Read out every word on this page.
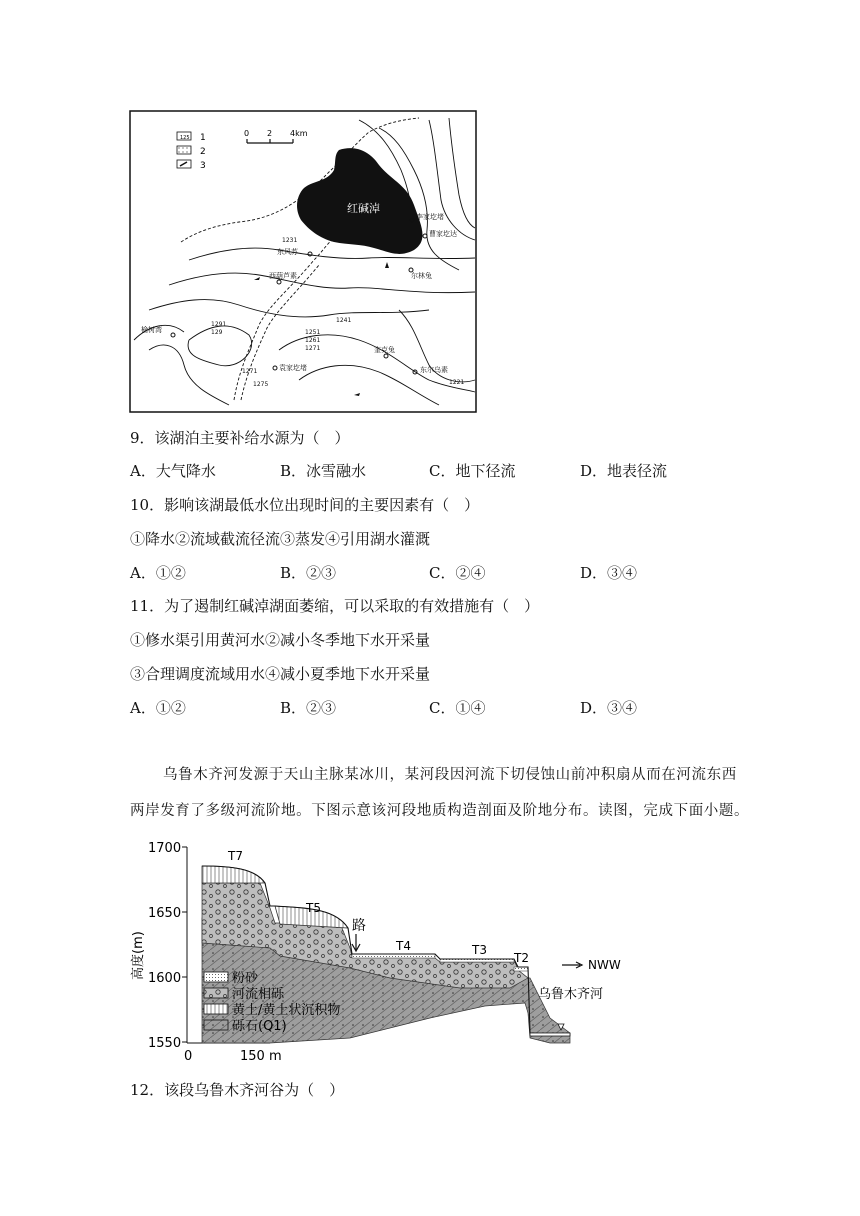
125 1
2
3
0 2 4km
红碱淖
李家圪堵
曹家圪达
东风苏
西葫芦素	尔林兔
榆树湾
奎克兔
袁家圪堵	东尔乌素
1231
1241
1251
1261
1271
1275
1291
1221
1271
129
9．该湖泊主要补给水源为（　）
A．大气降水	B．冰雪融水	C．地下径流	D．地表径流
10．影响该湖最低水位出现时间的主要因素有（　）
①降水②流域截流径流③蒸发④引用湖水灌溉
A．①②	B．②③	C．②④	D．③④
11．为了遏制红碱淖湖面萎缩，可以采取的有效措施有（　）
①修水渠引用黄河水②减小冬季地下水开采量
③合理调度流域用水④减小夏季地下水开采量
A．①②	B．②③	C．①④	D．③④
乌鲁木齐河发源于天山主脉某冰川，某河段因河流下切侵蚀山前冲积扇从而在河流东西
两岸发育了多级河流阶地。下图示意该河段地质构造剖面及阶地分布。读图，完成下面小题。
1700
1650
1600
1550
0	150 m
高度(m)
T7
T5
T4	T3
T2
路
NWW
乌鲁木齐河
粉砂
河流相砾
黄土/黄土状沉积物
砾石(Q1)
12．该段乌鲁木齐河谷为（　）
